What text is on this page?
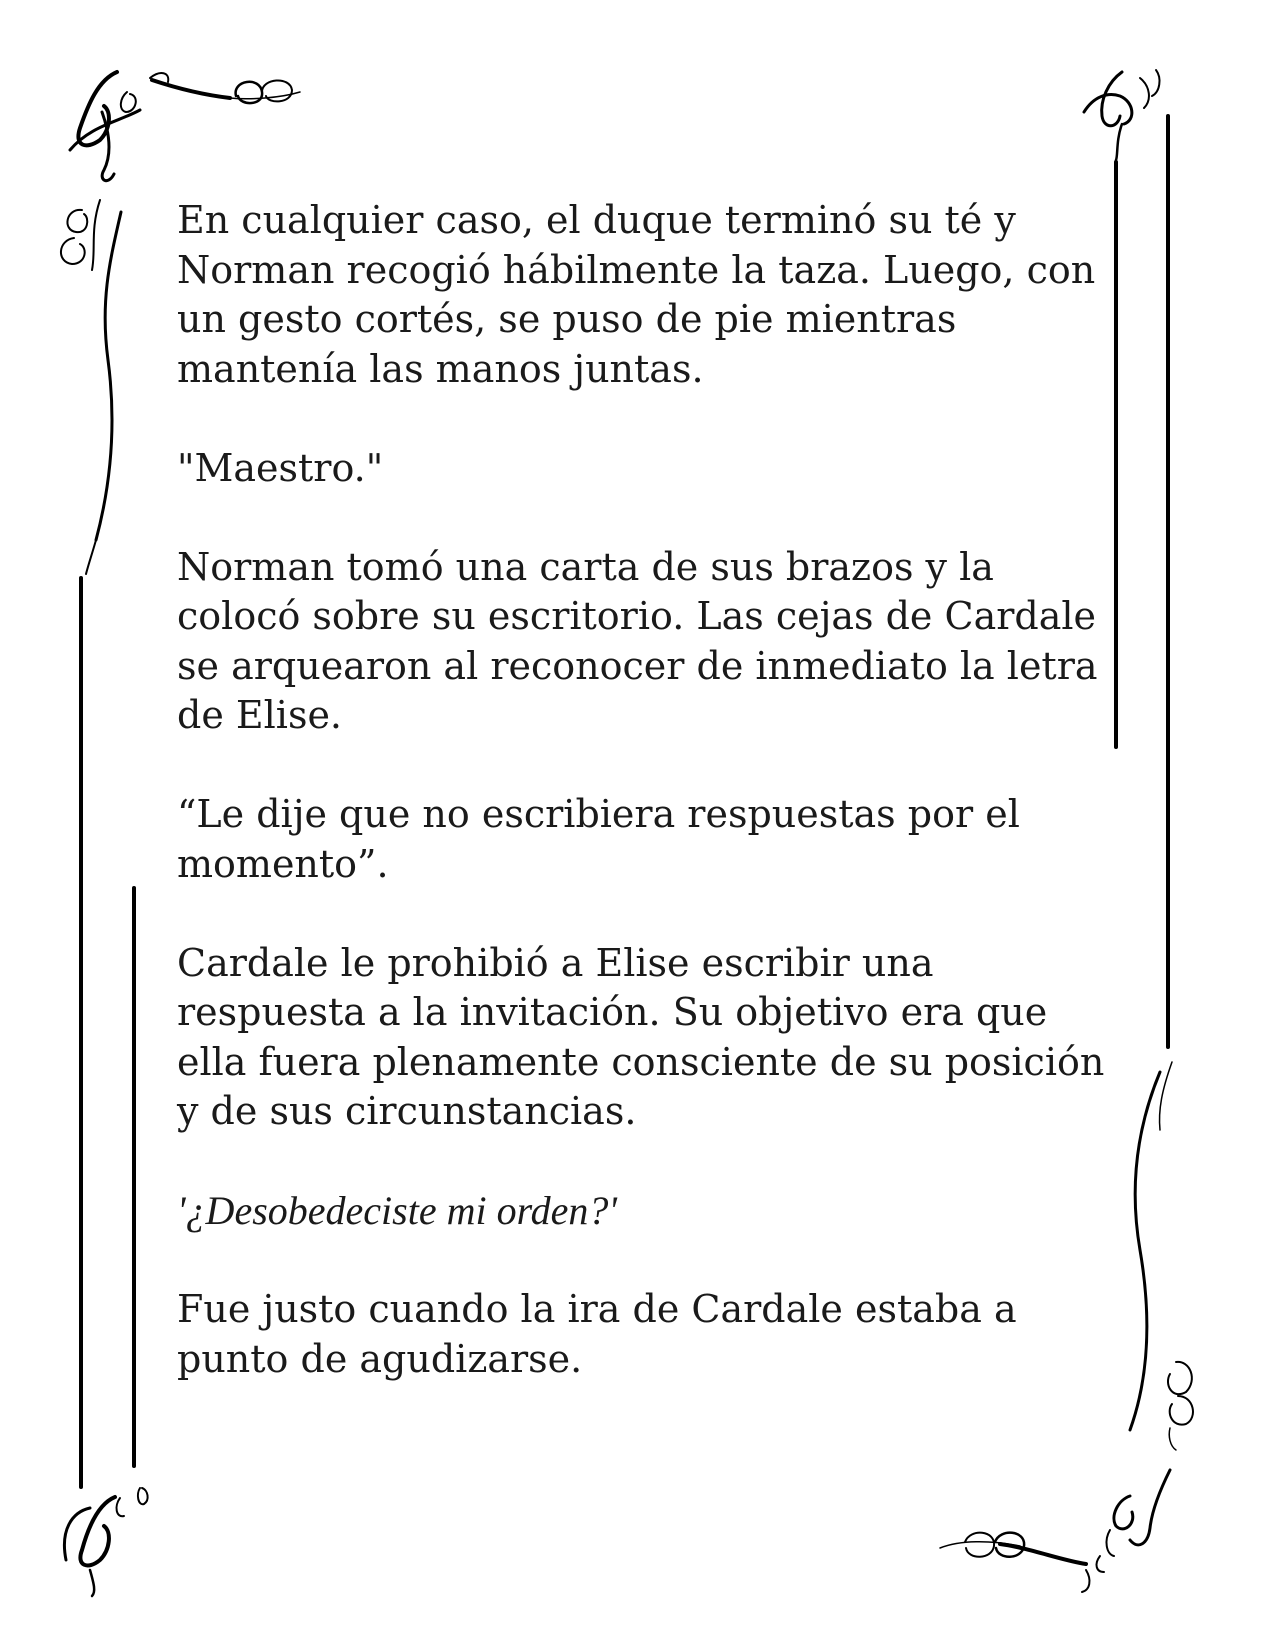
En cualquier caso, el duque terminó su té y Norman recogió hábilmente la taza. Luego, con un gesto cortés, se puso de pie mientras mantenía las manos juntas.

"Maestro."

Norman tomó una carta de sus brazos y la colocó sobre su escritorio. Las cejas de Cardale se arquearon al reconocer de inmediato la letra de Elise.

“Le dije que no escribiera respuestas por el momento”.

Cardale le prohibió a Elise escribir una respuesta a la invitación. Su objetivo era que ella fuera plenamente consciente de su posición y de sus circunstancias.

'¿Desobedeciste mi orden?'

Fue justo cuando la ira de Cardale estaba a punto de agudizarse.
